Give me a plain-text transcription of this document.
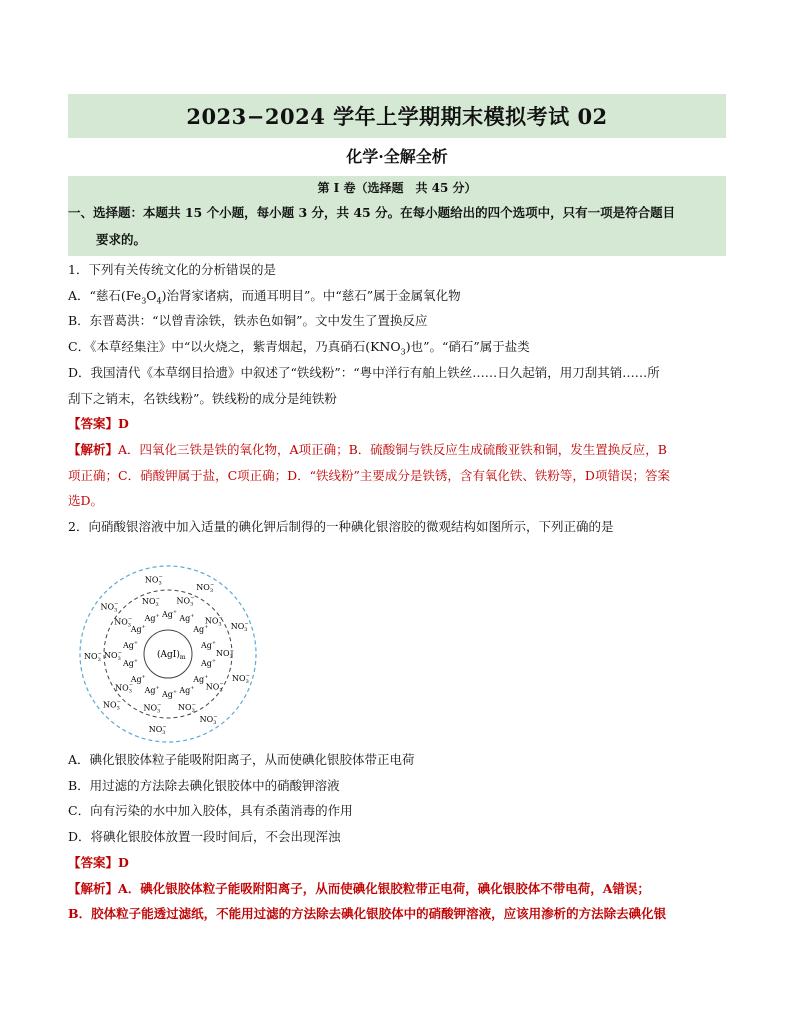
2023−2024 学年上学期期末模拟考试 02
化学·全解全析
第 I 卷（选择题　共 45 分）
一、选择题：本题共 15 个小题，每小题 3 分，共 45 分。在每小题给出的四个选项中，只有一项是符合题目
要求的。
1．下列有关传统文化的分析错误的是
A．“慈石$(Fe_3O_4)$治肾家诸病，而通耳明目”。中“慈石”属于金属氧化物
B．东晋葛洪：“以曾青涂铁，铁赤色如铜”。文中发生了置换反应
C．《本草经集注》中“以火烧之，紫青烟起，乃真硝石$(KNO_3)$也”。“硝石”属于盐类
D．我国清代《本草纲目拾遗》中叙述了“铁线粉”：“粤中洋行有舶上铁丝……日久起销，用刀刮其销……所
刮下之销末，名铁线粉”。铁线粉的成分是纯铁粉
【答案】D
【解析】A．四氧化三铁是铁的氧化物，A项正确；B．硫酸铜与铁反应生成硫酸亚铁和铜，发生置换反应，B
项正确；C．硝酸钾属于盐，C项正确；D．“铁线粉”主要成分是铁锈，含有氧化铁、铁粉等，D项错误；答案
选D。
2．向硝酸银溶液中加入适量的碘化钾后制得的一种碘化银溶胶的微观结构如图所示，下列正确的是
$(AgI)_m$
Ag+
Ag+
Ag+
Ag+
Ag+
Ag+
Ag+
Ag+
Ag+
Ag+
Ag+
Ag+
Ag+
Ag+
$NO_3-$
$NO_3-$
$NO_3-$
$NO_3-$
$NO_3-$
$NO_3-$
$NO_3-$
$NO_3-$
$NO_3-$
$NO_3-$
$NO_3-$
$NO_3-$
$NO_3-$
$NO_3-$
$NO_3-$
$NO_3-$
$NO_3-$
$NO_3-$
$NO_3-$
A．碘化银胶体粒子能吸附阳离子，从而使碘化银胶体带正电荷
B．用过滤的方法除去碘化银胶体中的硝酸钾溶液
C．向有污染的水中加入胶体，具有杀菌消毒的作用
D．将碘化银胶体放置一段时间后，不会出现浑浊
【答案】D
【解析】A．碘化银胶体粒子能吸附阳离子，从而使碘化银胶粒带正电荷，碘化银胶体不带电荷，A错误；
B．胶体粒子能透过滤纸，不能用过滤的方法除去碘化银胶体中的硝酸钾溶液，应该用渗析的方法除去碘化银
